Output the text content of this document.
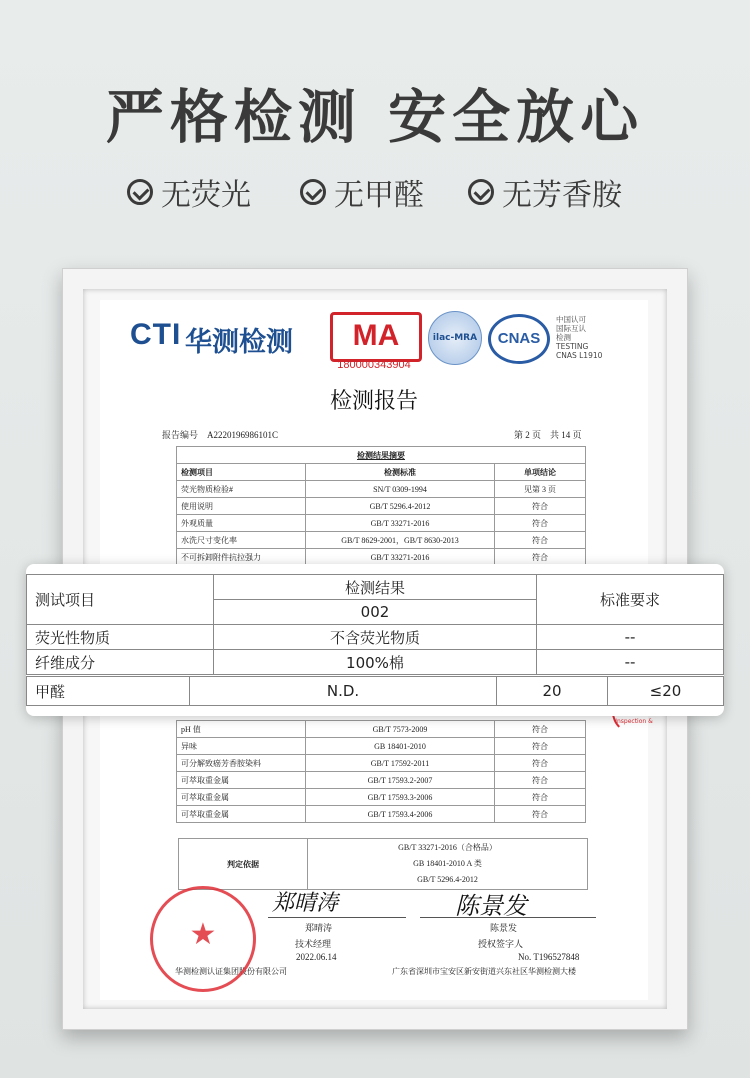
严格检测 安全放心
无荧光	无甲醛	无芳香胺
CTI 华测检测	MA
180000343904
ilac-MRA	CNAS
中国认可
国际互认
检测
TESTING
CNAS L1910
检测报告
报告编号　A2220196986101C	第 2 页　共 14 页
检测结果摘要		
检测项目	检测标准	单项结论
荧光物质检验#	SN/T 0309-1994	见第 3 页
使用说明	GB/T 5296.4-2012	符合
外观质量	GB/T 33271-2016	符合
水洗尺寸变化率	GB/T 8629-2001，GB/T 8630-2013	符合
不可拆卸附件抗拉强力	GB/T 33271-2016	符合
Inspection &
pH 值	GB/T 7573-2009	符合
异味	GB 18401-2010	符合
可分解致癌芳香胺染料	GB/T 17592-2011	符合
可萃取重金属	GB/T 17593.2-2007	符合
可萃取重金属	GB/T 17593.3-2006	符合
可萃取重金属	GB/T 17593.4-2006	符合
判定依据	
GB/T 33271-2016（合格品）
GB 18401-2010 A 类
GB/T 5296.4-2012
郑晴涛	陈景发
郑晴涛
技术经理
2022.06.14
陈景发
授权签字人
No. T196527848
广东省深圳市宝安区新安街道兴东社区华测检测大楼
华测检测认证集团股份有限公司
★
测试项目	检测结果	标准要求
	002	
荧光性物质	不含荧光物质	--
纤维成分	100%棉	--
甲醛	N.D.	20	≤20
